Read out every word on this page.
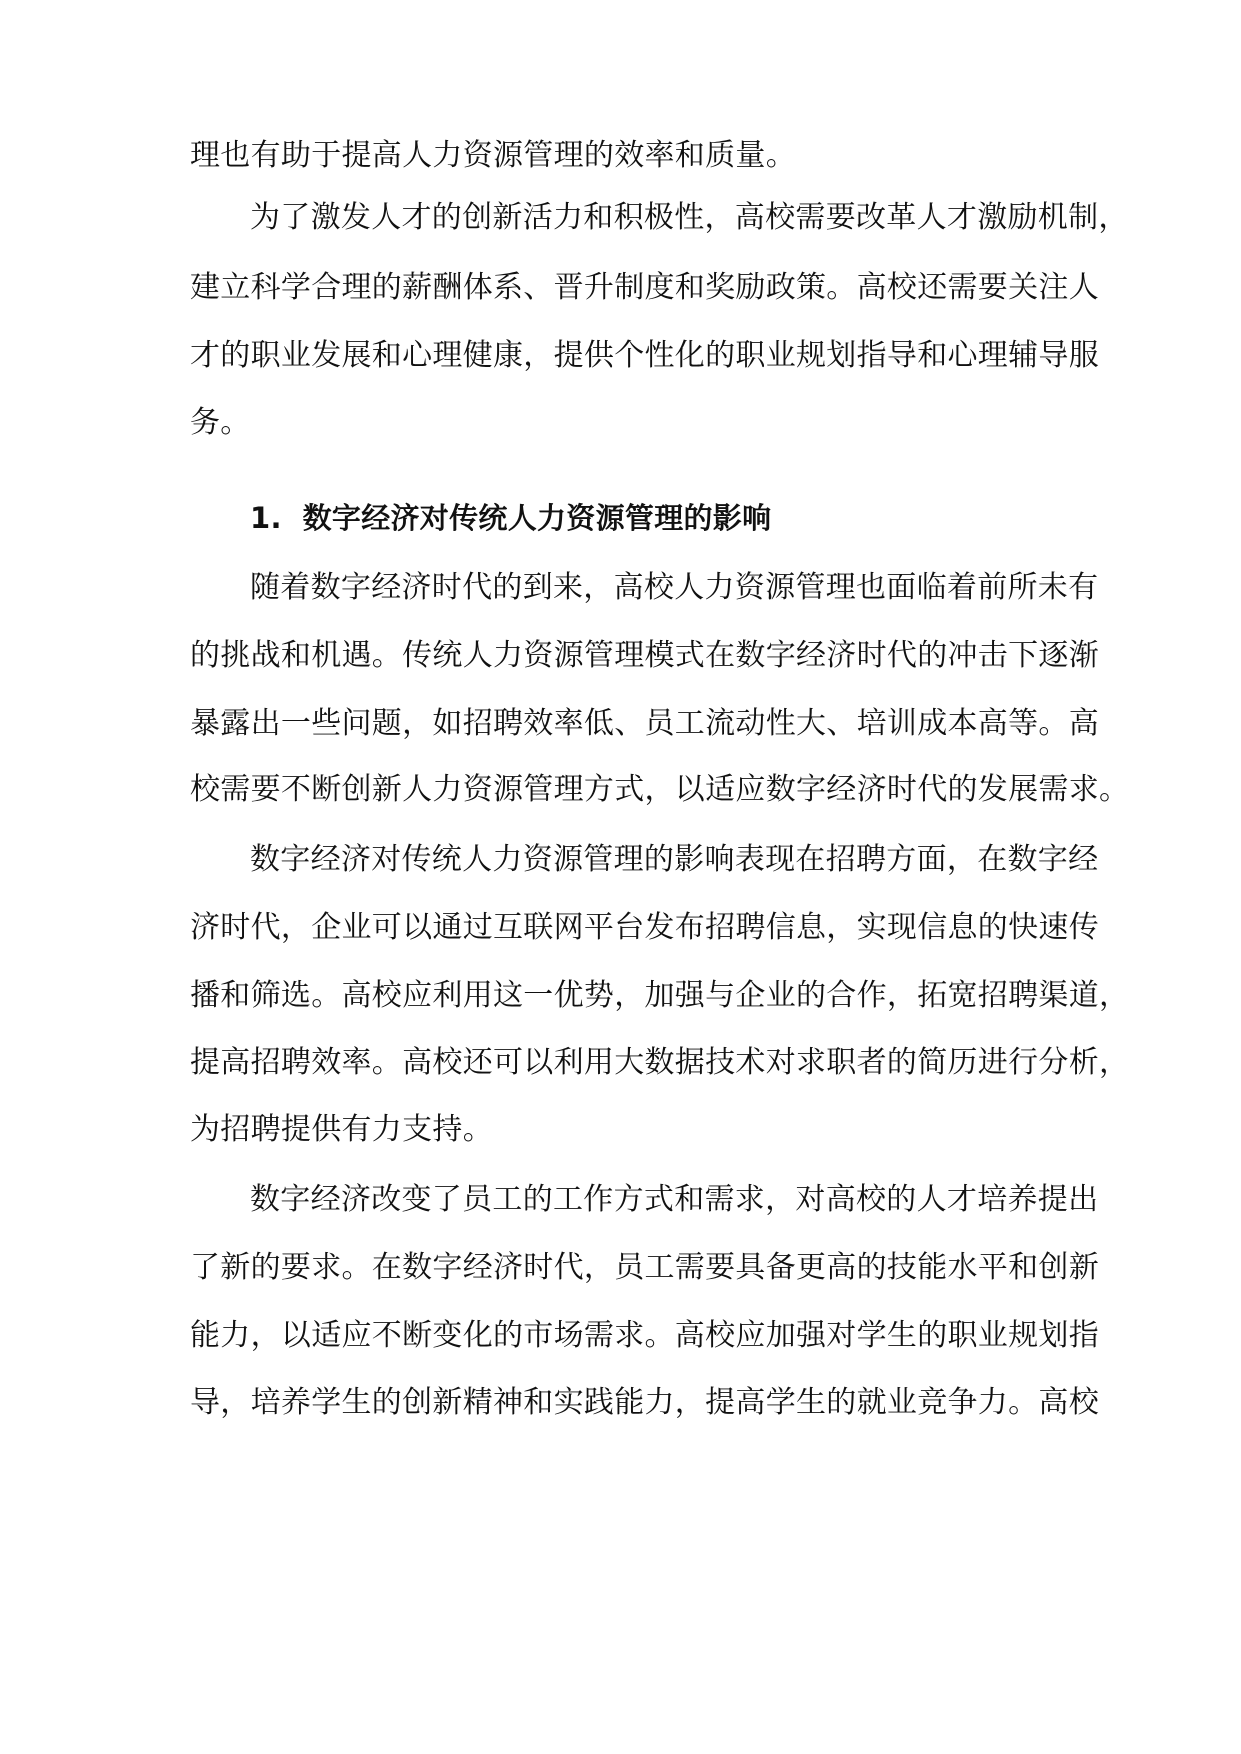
理也有助于提高人力资源管理的效率和质量。
为了激发人才的创新活力和积极性，高校需要改革人才激励机制，
建立科学合理的薪酬体系、晋升制度和奖励政策。高校还需要关注人
才的职业发展和心理健康，提供个性化的职业规划指导和心理辅导服
务。
1. 数字经济对传统人力资源管理的影响
随着数字经济时代的到来，高校人力资源管理也面临着前所未有
的挑战和机遇。传统人力资源管理模式在数字经济时代的冲击下逐渐
暴露出一些问题，如招聘效率低、员工流动性大、培训成本高等。高
校需要不断创新人力资源管理方式，以适应数字经济时代的发展需求。
数字经济对传统人力资源管理的影响表现在招聘方面，在数字经
济时代，企业可以通过互联网平台发布招聘信息，实现信息的快速传
播和筛选。高校应利用这一优势，加强与企业的合作，拓宽招聘渠道，
提高招聘效率。高校还可以利用大数据技术对求职者的简历进行分析，
为招聘提供有力支持。
数字经济改变了员工的工作方式和需求，对高校的人才培养提出
了新的要求。在数字经济时代，员工需要具备更高的技能水平和创新
能力，以适应不断变化的市场需求。高校应加强对学生的职业规划指
导，培养学生的创新精神和实践能力，提高学生的就业竞争力。高校
